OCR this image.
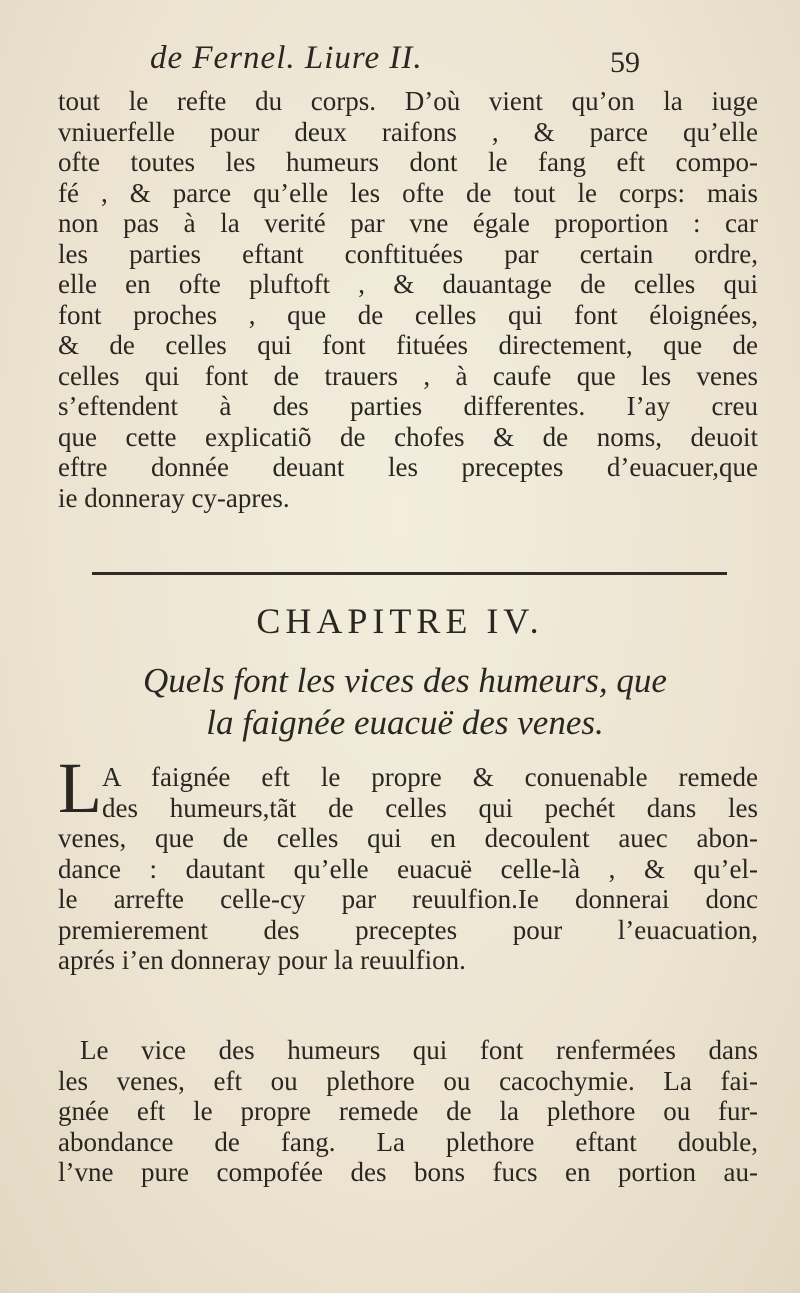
de Fernel. Liure II.	59
tout le refte du corps. D’où vient qu’on la iuge
vniuerfelle pour deux raifons , & parce qu’elle
ofte toutes les humeurs dont le fang eft compo-
fé , & parce qu’elle les ofte de tout le corps: mais
non pas à la verité par vne égale proportion : car
les parties eftant conftituées par certain ordre,
elle en ofte pluftoft , & dauantage de celles qui
font proches , que de celles qui font éloignées,
& de celles qui font fituées directement, que de
celles qui font de trauers , à caufe que les venes
s’eftendent à des parties differentes. I’ay creu
que cette explicatiõ de chofes & de noms, deuoit
eftre donnée deuant les preceptes d’euacuer,que
ie donneray cy-apres.
CHAPITRE IV.
Quels font les vices des humeurs, que
la faignée euacuë des venes.
L A faignée eft le propre & conuenable remede
des humeurs,tãt de celles qui pechét dans les
venes, que de celles qui en decoulent auec abon-
dance : dautant qu’elle euacuë celle-là , & qu’el-
le arrefte celle-cy par reuulfion.Ie donnerai donc
premierement des preceptes pour l’euacuation,
aprés i’en donneray pour la reuulfion.
Le vice des humeurs qui font renfermées dans
les venes, eft ou plethore ou cacochymie. La fai-
gnée eft le propre remede de la plethore ou fur-
abondance de fang. La plethore eftant double,
l’vne pure compofée des bons fucs en portion au-
